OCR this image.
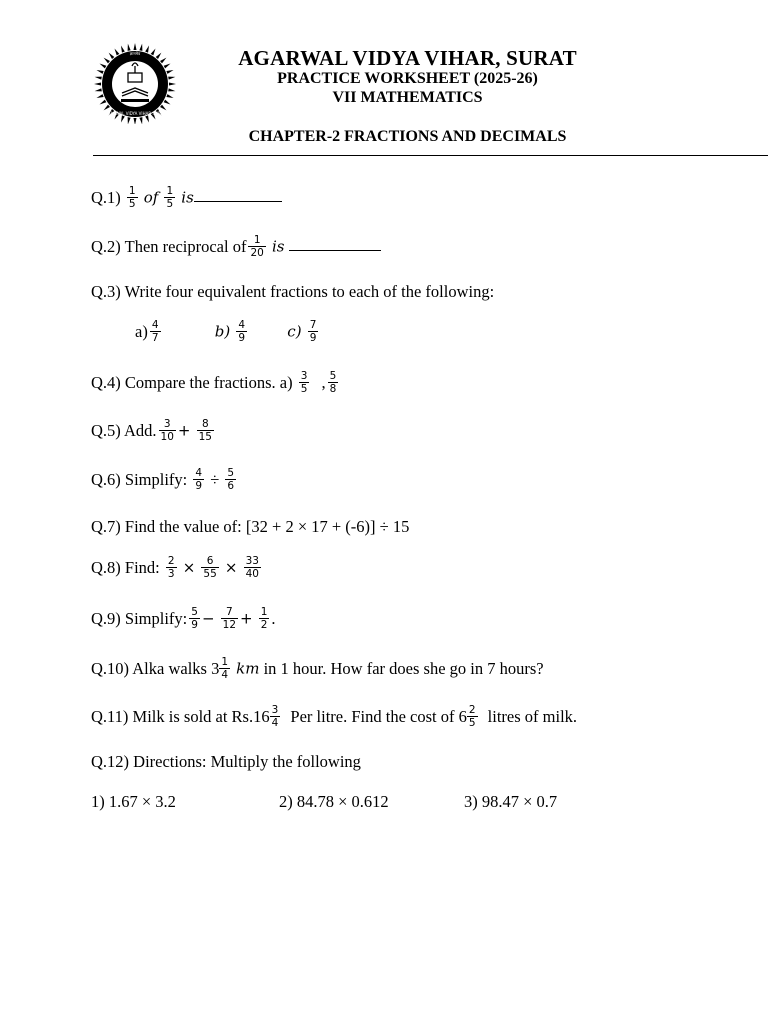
ज्ञानमेव
AGARWAL VIDYA VIHAR SURAT
AGARWAL VIDYA VIHAR, SURAT
PRACTICE WORKSHEET (2025-26)
VII MATHEMATICS
CHAPTER-2 FRACTIONS AND DECIMALS
$Q.1) \frac{1}{5}$ of $\frac{1}{5}$ is
Q.2) Then reciprocal of $\frac{1}{20}$ is
Q.3) Write four equivalent fractions to each of the following:
$a) \frac{4}{7}$	$b) \frac{4}{9}$	$c) \frac{7}{9}$
Q.4) Compare the fractions. $a) \frac{3}{5}$ , $\frac{5}{8}$
Q.5) Add. $\frac{3}{10} + \frac{8}{15}$
Q.6) Simplify: $\frac{4}{9} \div \frac{5}{6}$
Q.7) Find the value of: [32 + 2 × 17 + (-6)] ÷ 15
Q.8) Find: $\frac{2}{3} \times \frac{6}{55} \times \frac{33}{40}$
Q.9) Simplify: $\frac{5}{9} - \frac{7}{12} + \frac{1}{2}$ .
Q.10) Alka walks $3 \frac{1}{4}$ km in 1 hour. How far does she go in 7 hours?
Q.11) Milk is sold at $Rs.16 \frac{3}{4}$ Per litre. Find the cost of $6 \frac{2}{5}$ litres of milk.
Q.12) Directions: Multiply the following
1) 1.67 × 3.2	2) 84.78 × 0.612	3) 98.47 × 0.7
